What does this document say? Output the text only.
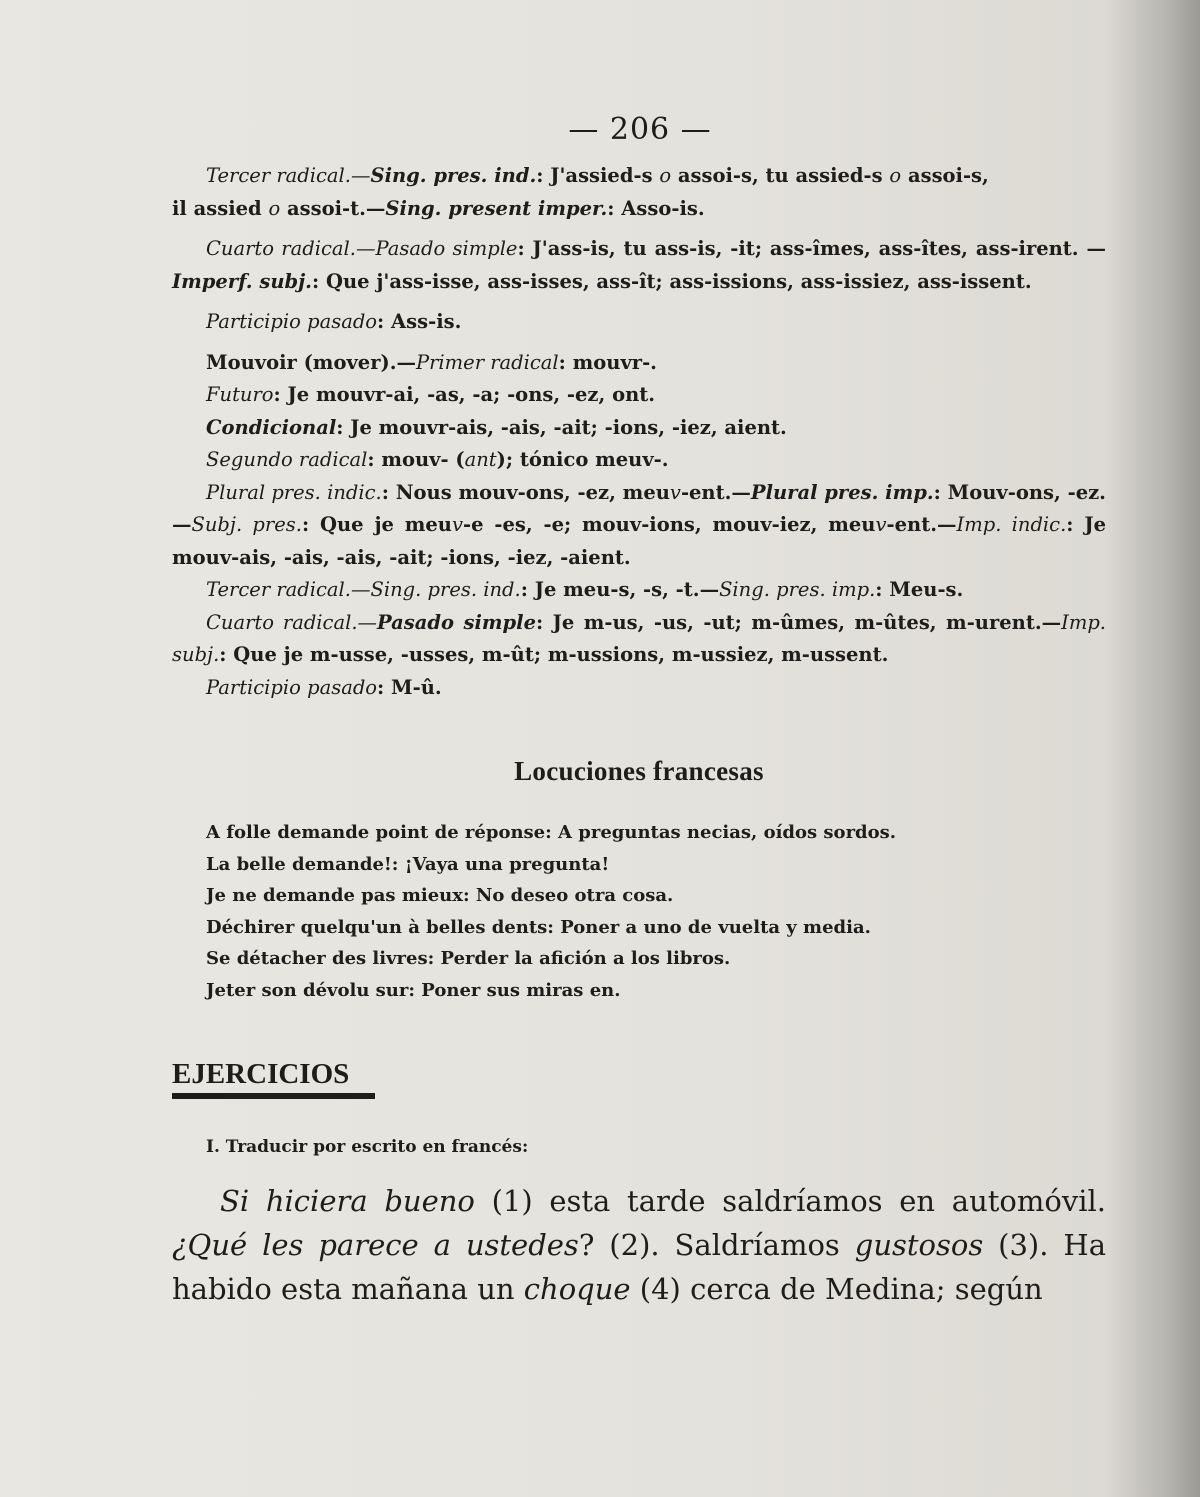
— 206 —

Tercer radical.—Sing. pres. ind.: J'assied-s o assoi-s, tu assied-s o assoi-s,

il assied o assoi-t.—Sing. present imper.: Asso-is.

Cuarto radical.—Pasado simple: J'ass-is, tu ass-is, -it; ass-îmes, ass-îtes, ass-irent. — Imperf. subj.: Que j'ass-isse, ass-isses, ass-ît; ass-issions, ass-issiez, ass-issent.

Participio pasado: Ass-is.

Mouvoir (mover).—Primer radical: mouvr-.

Futuro: Je mouvr-ai, -as, -a; -ons, -ez, ont.

Condicional: Je mouvr-ais, -ais, -ait; -ions, -iez, aient.

Segundo radical: mouv- (ant); tónico meuv-.

Plural pres. indic.: Nous mouv-ons, -ez, meuv-ent.—Plural pres. imp.: Mouv-ons, -ez.—Subj. pres.: Que je meuv-e -es, -e; mouv-ions, mouv-iez, meuv-ent.—Imp. indic.: Je mouv-ais, -ais, -ais, -ait; -ions, -iez, -aient.

Tercer radical.—Sing. pres. ind.: Je meu-s, -s, -t.—Sing. pres. imp.: Meu-s.

Cuarto radical.—Pasado simple: Je m-us, -us, -ut; m-ûmes, m-ûtes, m-urent.—Imp. subj.: Que je m-usse, -usses, m-ût; m-ussions, m-ussiez, m-ussent.

Participio pasado: M-û.

Locuciones francesas

A folle demande point de réponse: A preguntas necias, oídos sordos.

La belle demande!: ¡Vaya una pregunta!

Je ne demande pas mieux: No deseo otra cosa.

Déchirer quelqu'un à belles dents: Poner a uno de vuelta y media.

Se détacher des livres: Perder la afición a los libros.

Jeter son dévolu sur: Poner sus miras en.

EJERCICIOS
I. Traducir por escrito en francés:

Si hiciera bueno (1) esta tarde saldríamos en automóvil. ¿Qué les parece a ustedes? (2). Saldríamos gustosos (3). Ha habido esta mañana un choque (4) cerca de Medina; según
